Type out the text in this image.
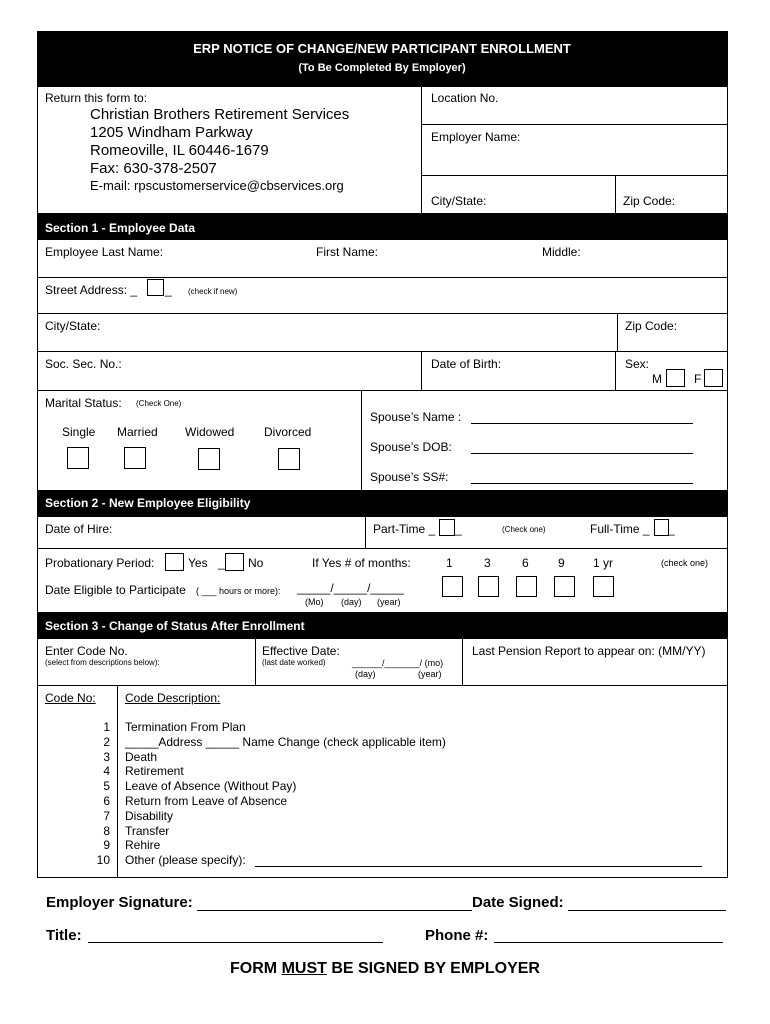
ERP NOTICE OF CHANGE/NEW PARTICIPANT ENROLLMENT
(To Be Completed By Employer)
Return this form to:
Christian Brothers Retirement Services
1205 Windham Parkway
Romeoville, IL 60446-1679
Fax: 630-378-2507
E-mail: rpscustomerservice@cbservices.org
Location No.
Employer Name:
City/State:	Zip Code:
Section 1 - Employee Data
Employee Last Name:	First Name:	Middle:
Street Address: _ _ (check if new)
City/State:	Zip Code:
Soc. Sec. No.:	Date of Birth:	Sex:
M	F
Marital Status: (Check One)
Single Married Widowed Divorced
Spouse’s Name :
Spouse’s DOB:
Spouse’s SS#:
Section 2 - New Employee Eligibility
Date of Hire:	Part-Time _ _	(Check one)	Full-Time _ _
Probationary Period:	Yes _ No	If Yes # of months:	1	3	6 9 1 yr	(check one)
Date Eligible to Participate ( ___ hours or more): _____/_____/_____
(Mo) (day) (year)
Section 3 - Change of Status After Enrollment
Enter Code No.
(select from descriptions below):
Effective Date:
(last date worked)	______/_______/ (mo)
(day)	(year)
Last Pension Report to appear on: (MM/YY)
Code No: Code Description:
1 Termination From Plan
2 _____Address _____ Name Change (check applicable item)
3 Death
4 Retirement
5 Leave of Absence (Without Pay)
6 Return from Leave of Absence
7 Disability
8 Transfer
9 Rehire
10 Other (please specify):
Employer Signature:	Date Signed:
Title:	Phone #:
FORM MUST BE SIGNED BY EMPLOYER
